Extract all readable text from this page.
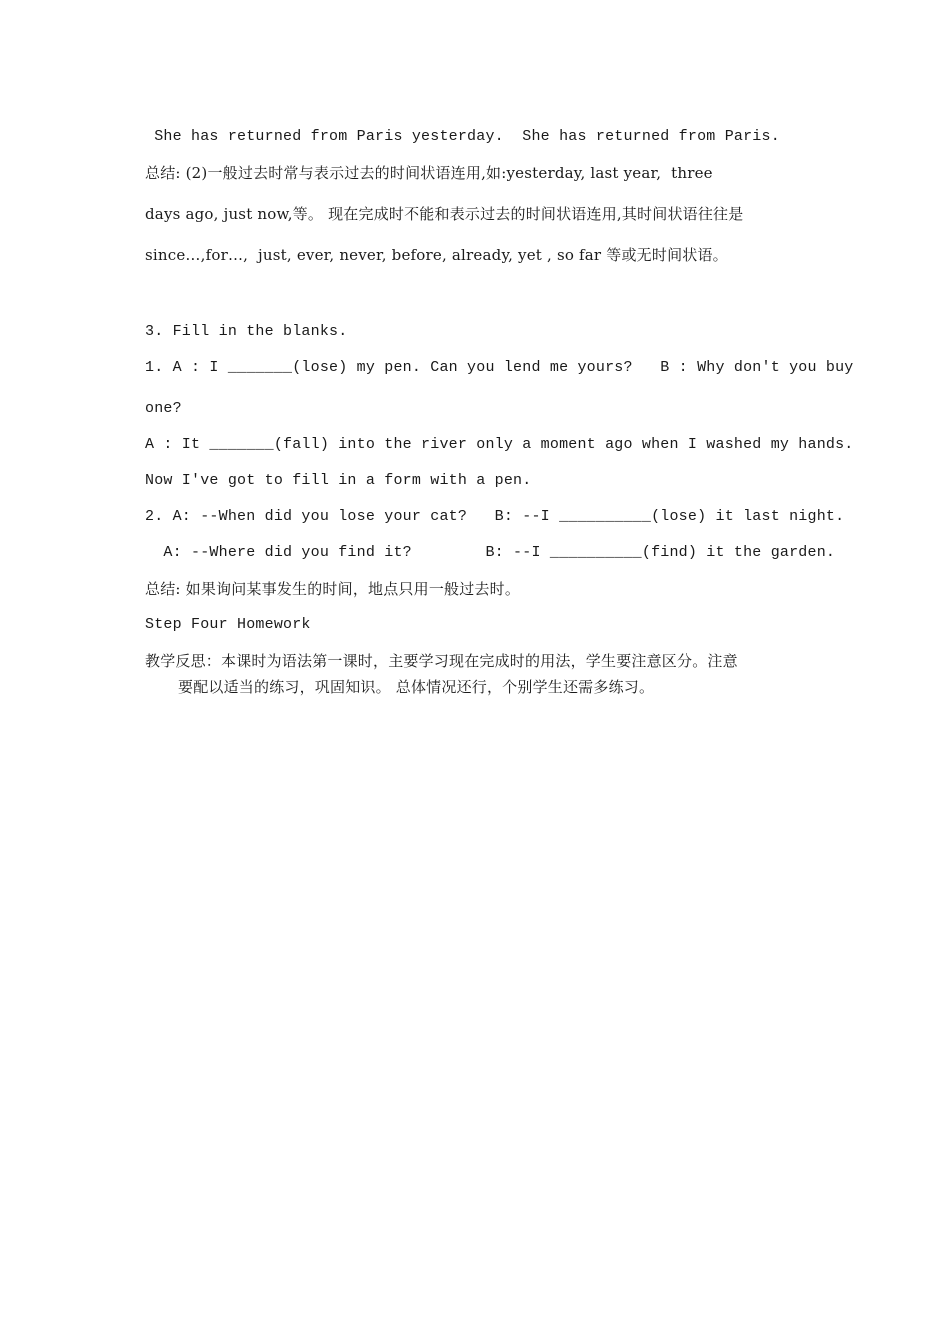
She has returned from Paris yesterday.  She has returned from Paris.
总结: (2)一般过去时常与表示过去的时间状语连用,如:yesterday, last year,  three
days ago, just now,等。 现在完成时不能和表示过去的时间状语连用,其时间状语往往是
since…,for…,  just, ever, never, before, already, yet , so far 等或无时间状语。
3. Fill in the blanks.
1. A : I _______(lose) my pen. Can you lend me yours?   B : Why don't you buy
one?
A : It _______(fall) into the river only a moment ago when I washed my hands.
Now I've got to fill in a form with a pen.
2. A: --When did you lose your cat?   B: --I __________(lose) it last night.
A: --Where did you find it?        B: --I __________(find) it the garden.
总结: 如果询问某事发生的时间，地点只用一般过去时。
Step Four Homework
教学反思：本课时为语法第一课时，主要学习现在完成时的用法，学生要注意区分。注意
要配以适当的练习，巩固知识。 总体情况还行，个别学生还需多练习。
